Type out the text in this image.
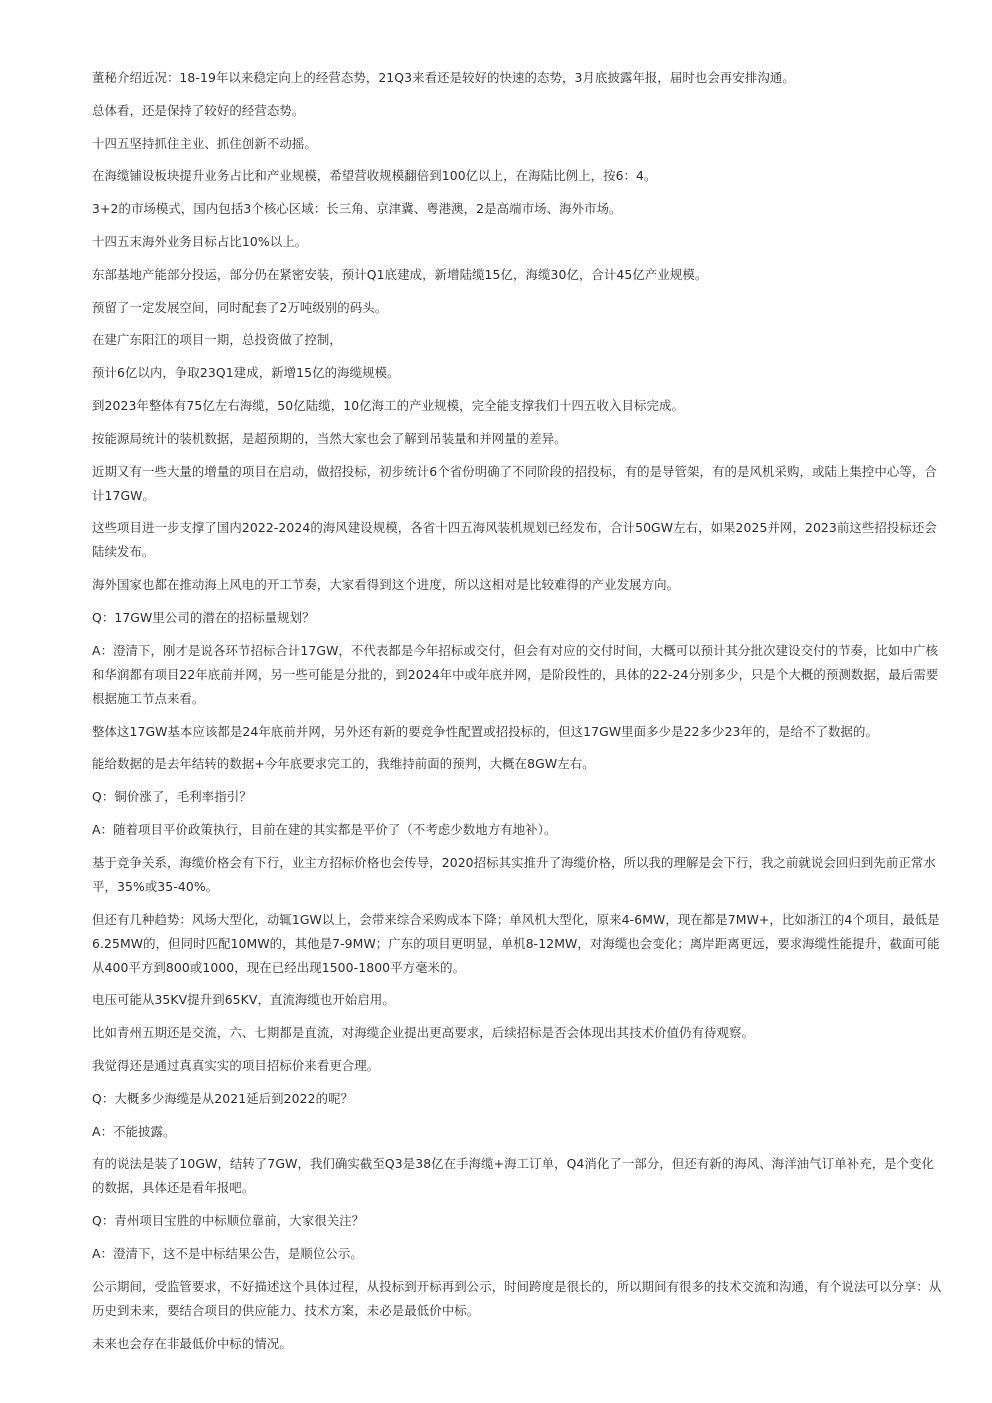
董秘介绍近况：18-19年以来稳定向上的经营态势，21Q3来看还是较好的快速的态势，3月底披露年报，届时也会再安排沟通。

总体看，还是保持了较好的经营态势。

十四五坚持抓住主业、抓住创新不动摇。

在海缆铺设板块提升业务占比和产业规模，希望营收规模翻倍到100亿以上，在海陆比例上，按6：4。

3+2的市场模式，国内包括3个核心区域：长三角、京津冀、粤港澳，2是高端市场、海外市场。

十四五末海外业务目标占比10%以上。

东部基地产能部分投运，部分仍在紧密安装，预计Q1底建成，新增陆缆15亿，海缆30亿，合计45亿产业规模。

预留了一定发展空间，同时配套了2万吨级别的码头。

在建广东阳江的项目一期，总投资做了控制，

预计6亿以内，争取23Q1建成，新增15亿的海缆规模。

到2023年整体有75亿左右海缆，50亿陆缆，10亿海工的产业规模，完全能支撑我们十四五收入目标完成。

按能源局统计的装机数据，是超预期的，当然大家也会了解到吊装量和并网量的差异。

近期又有一些大量的增量的项目在启动，做招投标，初步统计6个省份明确了不同阶段的招投标，有的是导管架，有的是风机采购，或陆上集控中心等，合计17GW。

这些项目进一步支撑了国内2022-2024的海风建设规模，各省十四五海风装机规划已经发布，合计50GW左右，如果2025并网，2023前这些招投标还会陆续发布。

海外国家也都在推动海上风电的开工节奏，大家看得到这个进度，所以这相对是比较难得的产业发展方向。

Q：17GW里公司的潜在的招标量规划？

A：澄清下，刚才是说各环节招标合计17GW，不代表都是今年招标或交付，但会有对应的交付时间，大概可以预计其分批次建设交付的节奏，比如中广核和华润都有项目22年底前并网，另一些可能是分批的，到2024年中或年底并网，是阶段性的，具体的22-24分别多少，只是个大概的预测数据，最后需要根据施工节点来看。

整体这17GW基本应该都是24年底前并网，另外还有新的要竞争性配置或招投标的，但这17GW里面多少是22多少23年的，是给不了数据的。

能给数据的是去年结转的数据+今年底要求完工的，我维持前面的预判，大概在8GW左右。

Q：铜价涨了，毛利率指引？

A：随着项目平价政策执行，目前在建的其实都是平价了（不考虑少数地方有地补）。

基于竞争关系，海缆价格会有下行，业主方招标价格也会传导，2020招标其实推升了海缆价格，所以我的理解是会下行，我之前就说会回归到先前正常水平，35%或35-40%。

但还有几种趋势：风场大型化，动辄1GW以上，会带来综合采购成本下降；单风机大型化，原来4-6MW，现在都是7MW+，比如浙江的4个项目，最低是6.25MW的，但同时匹配10MW的，其他是7-9MW；广东的项目更明显，单机8-12MW，对海缆也会变化；离岸距离更远，要求海缆性能提升，截面可能从400平方到800或1000，现在已经出现1500-1800平方毫米的。

电压可能从35KV提升到65KV，直流海缆也开始启用。

比如青州五期还是交流，六、七期都是直流，对海缆企业提出更高要求，后续招标是否会体现出其技术价值仍有待观察。

我觉得还是通过真真实实的项目招标价来看更合理。

Q：大概多少海缆是从2021延后到2022的呢？

A：不能披露。

有的说法是装了10GW，结转了7GW，我们确实截至Q3是38亿在手海缆+海工订单，Q4消化了一部分，但还有新的海风、海洋油气订单补充，是个变化的数据，具体还是看年报吧。

Q：青州项目宝胜的中标顺位靠前，大家很关注？

A：澄清下，这不是中标结果公告，是顺位公示。

公示期间，受监管要求，不好描述这个具体过程，从投标到开标再到公示，时间跨度是很长的，所以期间有很多的技术交流和沟通，有个说法可以分享：从历史到未来，要结合项目的供应能力、技术方案，未必是最低价中标。

未来也会存在非最低价中标的情况。
